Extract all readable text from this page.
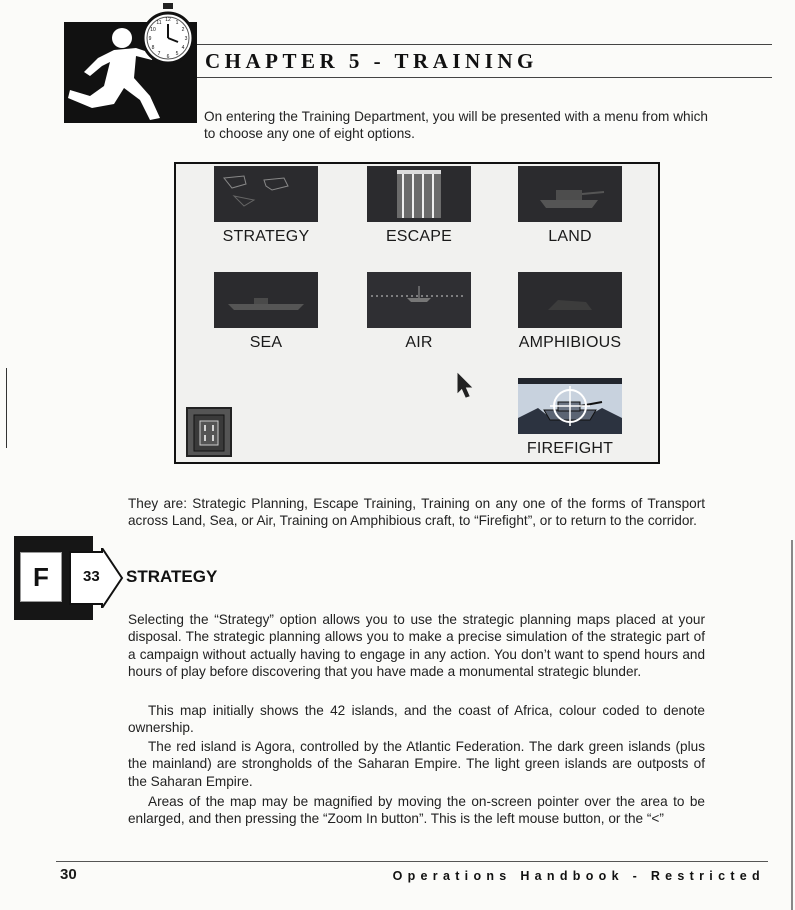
12
3
6
9
1
2
4
5
7
8
10
11
CHAPTER 5 - TRAINING
On entering the Training Department, you will be presented with a menu from which to choose any one of eight options.
STRATEGY	ESCAPE	LAND
SEA	AIR	AMPHIBIOUS
FIREFIGHT
They are: Strategic Planning, Escape Training, Training on any one of the forms of Transport across Land, Sea, or Air, Training on Amphibious craft, to “Firefight”, or to return to the corridor.
F	33 STRATEGY
Selecting the “Strategy” option allows you to use the strategic planning maps placed at your disposal. The strategic planning allows you to make a precise simulation of the strategic part of a campaign without actually having to engage in any action. You don’t want to spend hours and hours of play before discovering that you have made a monumental strategic blunder.
This map initially shows the 42 islands, and the coast of Africa, colour coded to denote ownership.
The red island is Agora, controlled by the Atlantic Federation. The dark green islands (plus the mainland) are strongholds of the Saharan Empire. The light green islands are outposts of the Saharan Empire.
Areas of the map may be magnified by moving the on-screen pointer over the area to be enlarged, and then pressing the “Zoom In button”. This is the left mouse button, or the “<”
30	Operations Handbook - Restricted
